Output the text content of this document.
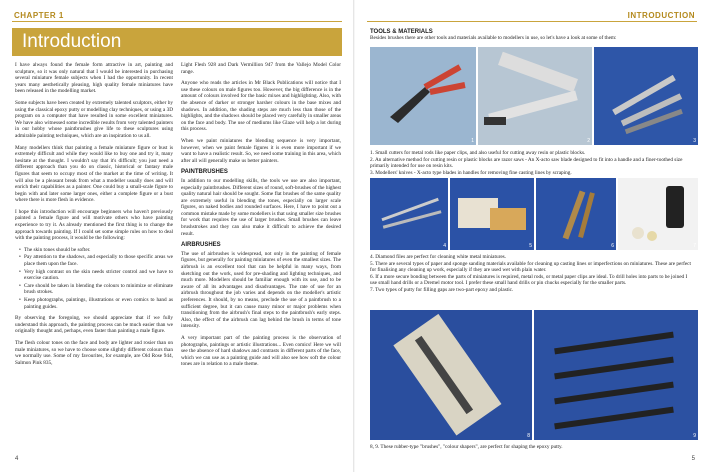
CHAPTER 1
Introduction

I have always found the female form attractive in art, painting and sculpture, so it was only natural that I would be interested in purchasing several miniature female subjects when I had the opportunity. In recent years many aesthetically pleasing, high quality female miniatures have been released in the modelling market.

Some subjects have been created by extremely talented sculptors, either by using the classical epoxy putty or modelling clay techniques, or using a 3D program on a computer that have resulted in some excellent miniatures. We have also witnessed some incredible results from very talented painters in our hobby whose paintbrushes give life to these sculptures using admirable painting techniques, which are an inspiration to us all.

Many modellers think that painting a female miniature figure or bust is extremely difficult and while they would like to buy one and try it, many hesitate at the thought. I wouldn't say that it's difficult; you just need a different approach than you do on classic, historical or fantasy male figures that seem to occupy most of the market at the time of writing. It will also be a pleasant break from what a modeller usually does and will enrich their capabilities as a painter. One could buy a small-scale figure to begin with and later some larger ones, either a complete figure or a bust where there is more flesh in evidence.

I hope this introduction will encourage beginners who haven't previously painted a female figure and will motivate others who have painting experience to try it. As already mentioned the first thing is to change the approach towards painting. If I could set some simple rules on how to deal with the painting process, it would be the following:

• The skin tones should be softer.
• Pay attention to the shadows, and especially to those specific areas we place them upon the face.
• Very high contrast on the skin needs stricter control and we have to exercise caution.
• Care should be taken in blending the colours to minimize or eliminate brush strokes.
• Keep photographs, paintings, illustrations or even comics to hand as painting guides.

By observing the foregoing, we should appreciate that if we fully understand this approach, the painting process can be much easier than we originally thought and, perhaps, even faster than painting a male figure.

The flesh colour tones on the face and body are lighter and rosier than on male miniatures, so we have to choose some slightly different colours than we normally use. Some of my favourites, for example, are Old Rose 944, Salmon Pink 835,

Light Flesh 928 and Dark Vermillion 947 from the Vallejo Model Color range.

Anyone who reads the articles in Mr Black Publications will notice that I use these colours on male figures too. However, the big difference is in the amount of colours involved for the basic mixes and highlighting. Also, with the absence of darker or stronger harsher colours in the base mixes and shadows. In addition, the shading steps are much less than those of the highlights, and the shadows should be placed very carefully in smaller areas on the face and body. The use of mediums like Glaze will help a lot during this process.

When we paint miniatures the blending sequence is very important, however, when we paint female figures it is even more important if we want to have a realistic result. So, we need some training in this area, which after all will generally make us better painters.

PAINTBRUSHES

In addition to our modelling skills, the tools we use are also important, especially paintbrushes. Different sizes of round, soft-brushes of the highest quality natural hair should be sought. Some flat brushes of the same quality are extremely useful in blending the tones, especially on larger scale figures, on naked bodies and rounded surfaces. Here, I have to point out a common mistake made by some modellers is that using smaller size brushes for work that requires the use of larger brushes. Small brushes can leave brushstrokes and they can also make it difficult to achieve the desired result.

AIRBRUSHES

The use of airbrushes is widespread, not only in the painting of female figures, but generally for painting miniatures of even the smallest sizes. The airbrush is an excellent tool that can be helpful in many ways, from sketching out the work, used for pre-shading and lighting techniques, and much more. Modellers should be familiar enough with its use, and to be aware of all its advantages and disadvantages. The rate of use for an airbrush throughout the job varies and depends on the modeller's artistic preferences. It should, by no means, preclude the use of a paintbrush to a sufficient degree, but it can cause many minor or major problems when transitioning from the airbrush's final steps to the paintbrush's early steps. Also, the effect of the airbrush can lag behind the brush in terms of tone intensity.

A very important part of the painting process is the observation of photographs, paintings or artistic illustrations... Even comics! Here we will see the absence of hard shadows and contrasts in different parts of the face, which we can use as a painting guide and will also see how soft the colour tones are in relation to a male theme.

4
INTRODUCTION
TOOLS & MATERIALS
Besides brushes there are other tools and materials available to modellers in use, so let's have a look at some of them:
1	2	3

1. Small cutters for metal rods like paper clips, and also useful for cutting away resin or plastic blocks.

2. An alternative method for cutting resin or plastic blocks are razor saws - An X-acto saw blade designed to fit into a handle and a finer-toothed size primarily intended for use on resin kits.

3. Modellers' knives - X-acto type blades in handles for removing fine casting lines by scraping.

4	5	6	7

4. Diamond files are perfect for cleaning white metal miniatures.

5. There are several types of paper and sponge sanding materials available for cleaning up casting lines or imperfections on miniatures. These are perfect for finalising any cleaning up work, especially if they are used wet with plain water.

6. If a more secure bonding between the parts of miniatures is required, metal rods, or metal paper clips are ideal. To drill holes into parts to be joined I use small hand drills or a Dremel motor tool. I prefer these small hand drills or pin chucks especially for the smaller parts.

7. Two types of putty for filling gaps are two-part epoxy and plastic.

8	9
8, 9. These rubber-type "brushes", "colour shapers", are perfect for shaping the epoxy putty.
5
